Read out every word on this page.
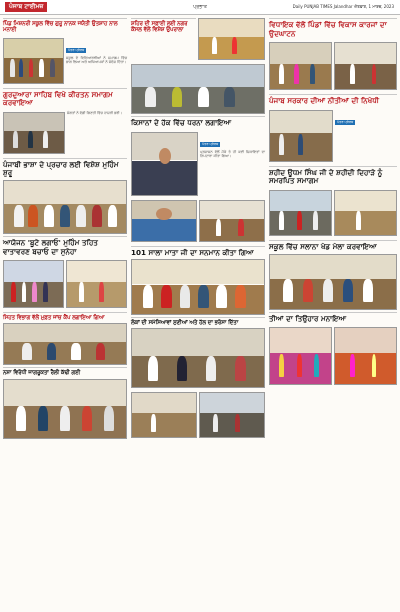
ਪੰਜਾਬ ਟਾਈਮਜ਼	ਪ੍ਰਭਾਤ	Daily PUNJAB TIMES Jalandhar ਐਤਵਾਰ, 1 ਮਾਰਚ, 2023
ਪਿੰਡ ਮਿਸ਼ਨਰੀ ਸਕੂਲ ਵਿੱਚ ਗੁਰੂ ਨਾਨਕ ਜਯੰਤੀ ਉਤਸ਼ਾਹ ਨਾਲ ਮਨਾਈ
ਪੱਤਰ ਪ੍ਰੇਰਕ
ਸਕੂਲ ਦੇ ਵਿਦਿਆਰਥੀਆਂ ਨੇ ਸਮਾਗਮ ਵਿੱਚ ਭਾਗ ਲਿਆ ਅਤੇ ਅਧਿਆਪਕਾਂ ਨੇ ਸੰਦੇਸ਼ ਦਿੱਤਾ।
ਗੁਰਦੁਆਰਾ ਸਾਹਿਬ ਵਿਖੇ ਕੀਰਤਨ ਸਮਾਗਮ ਕਰਵਾਇਆ
ਸੰਗਤਾਂ ਨੇ ਵੱਡੀ ਗਿਣਤੀ ਵਿੱਚ ਹਾਜ਼ਰੀ ਭਰੀ।
ਪੰਜਾਬੀ ਭਾਸ਼ਾ ਦੇ ਪ੍ਰਚਾਰ ਲਈ ਵਿਸ਼ੇਸ਼ ਮੁਹਿੰਮ ਸ਼ੁਰੂ
ਆਯੋਜਨ 'ਬੂਟੇ ਲਗਾਓ' ਮੁਹਿੰਮ ਤਹਿਤ ਵਾਤਾਵਰਣ ਬਚਾਓ ਦਾ ਸੁਨੇਹਾ
ਸਿਹਤ ਵਿਭਾਗ ਵੱਲੋਂ ਮੁਫ਼ਤ ਜਾਂਚ ਕੈਂਪ ਲਗਾਇਆ ਗਿਆ
ਨਸ਼ਾ ਵਿਰੋਧੀ ਜਾਗਰੂਕਤਾ ਰੈਲੀ ਕੱਢੀ ਗਈ
ਸ਼ਹਿਰ ਦੀ ਸਫ਼ਾਈ ਲਈ ਨਗਰ ਕੌਂਸਲ ਵੱਲੋਂ ਵਿਸ਼ੇਸ਼ ਉਪਰਾਲਾ
ਕਿਸਾਨਾਂ ਦੇ ਹੱਕ ਵਿੱਚ ਧਰਨਾ ਲਗਾਇਆ
ਪੱਤਰ ਪ੍ਰੇਰਕ
ਪ੍ਰਸ਼ਾਸਨ ਵੱਲੋਂ ਮੌਕੇ ਤੇ ਹੀ ਕਈ ਸ਼ਿਕਾਇਤਾਂ ਦਾ ਨਿਪਟਾਰਾ ਕੀਤਾ ਗਿਆ।
101 ਸਾਲਾ ਮਾਤਾ ਜੀ ਦਾ ਸਨਮਾਨ ਕੀਤਾ ਗਿਆ
ਲੋਕਾਂ ਦੀ ਸਮੱਸਿਆਵਾਂ ਸੁਣੀਆਂ ਅਤੇ ਹੱਲ ਦਾ ਭਰੋਸਾ ਦਿੱਤਾ
ਵਿਧਾਇਕ ਵੱਲੋਂ ਪਿੰਡਾਂ ਵਿੱਚ ਵਿਕਾਸ ਕਾਰਜਾਂ ਦਾ ਉਦਘਾਟਨ
ਪੰਜਾਬ ਸਰਕਾਰ ਦੀਆਂ ਨੀਤੀਆਂ ਦੀ ਨਿਖੇਧੀ
ਪੱਤਰ ਪ੍ਰੇਰਕ
ਸ਼ਹੀਦ ਊਧਮ ਸਿੰਘ ਜੀ ਦੇ ਸ਼ਹੀਦੀ ਦਿਹਾੜੇ ਨੂੰ ਸਮਰਪਿਤ ਸਮਾਗਮ
ਸਕੂਲ ਵਿੱਚ ਸਲਾਨਾ ਖੇਡ ਮੇਲਾ ਕਰਵਾਇਆ
ਤੀਆਂ ਦਾ ਤਿਉਹਾਰ ਮਨਾਇਆ
